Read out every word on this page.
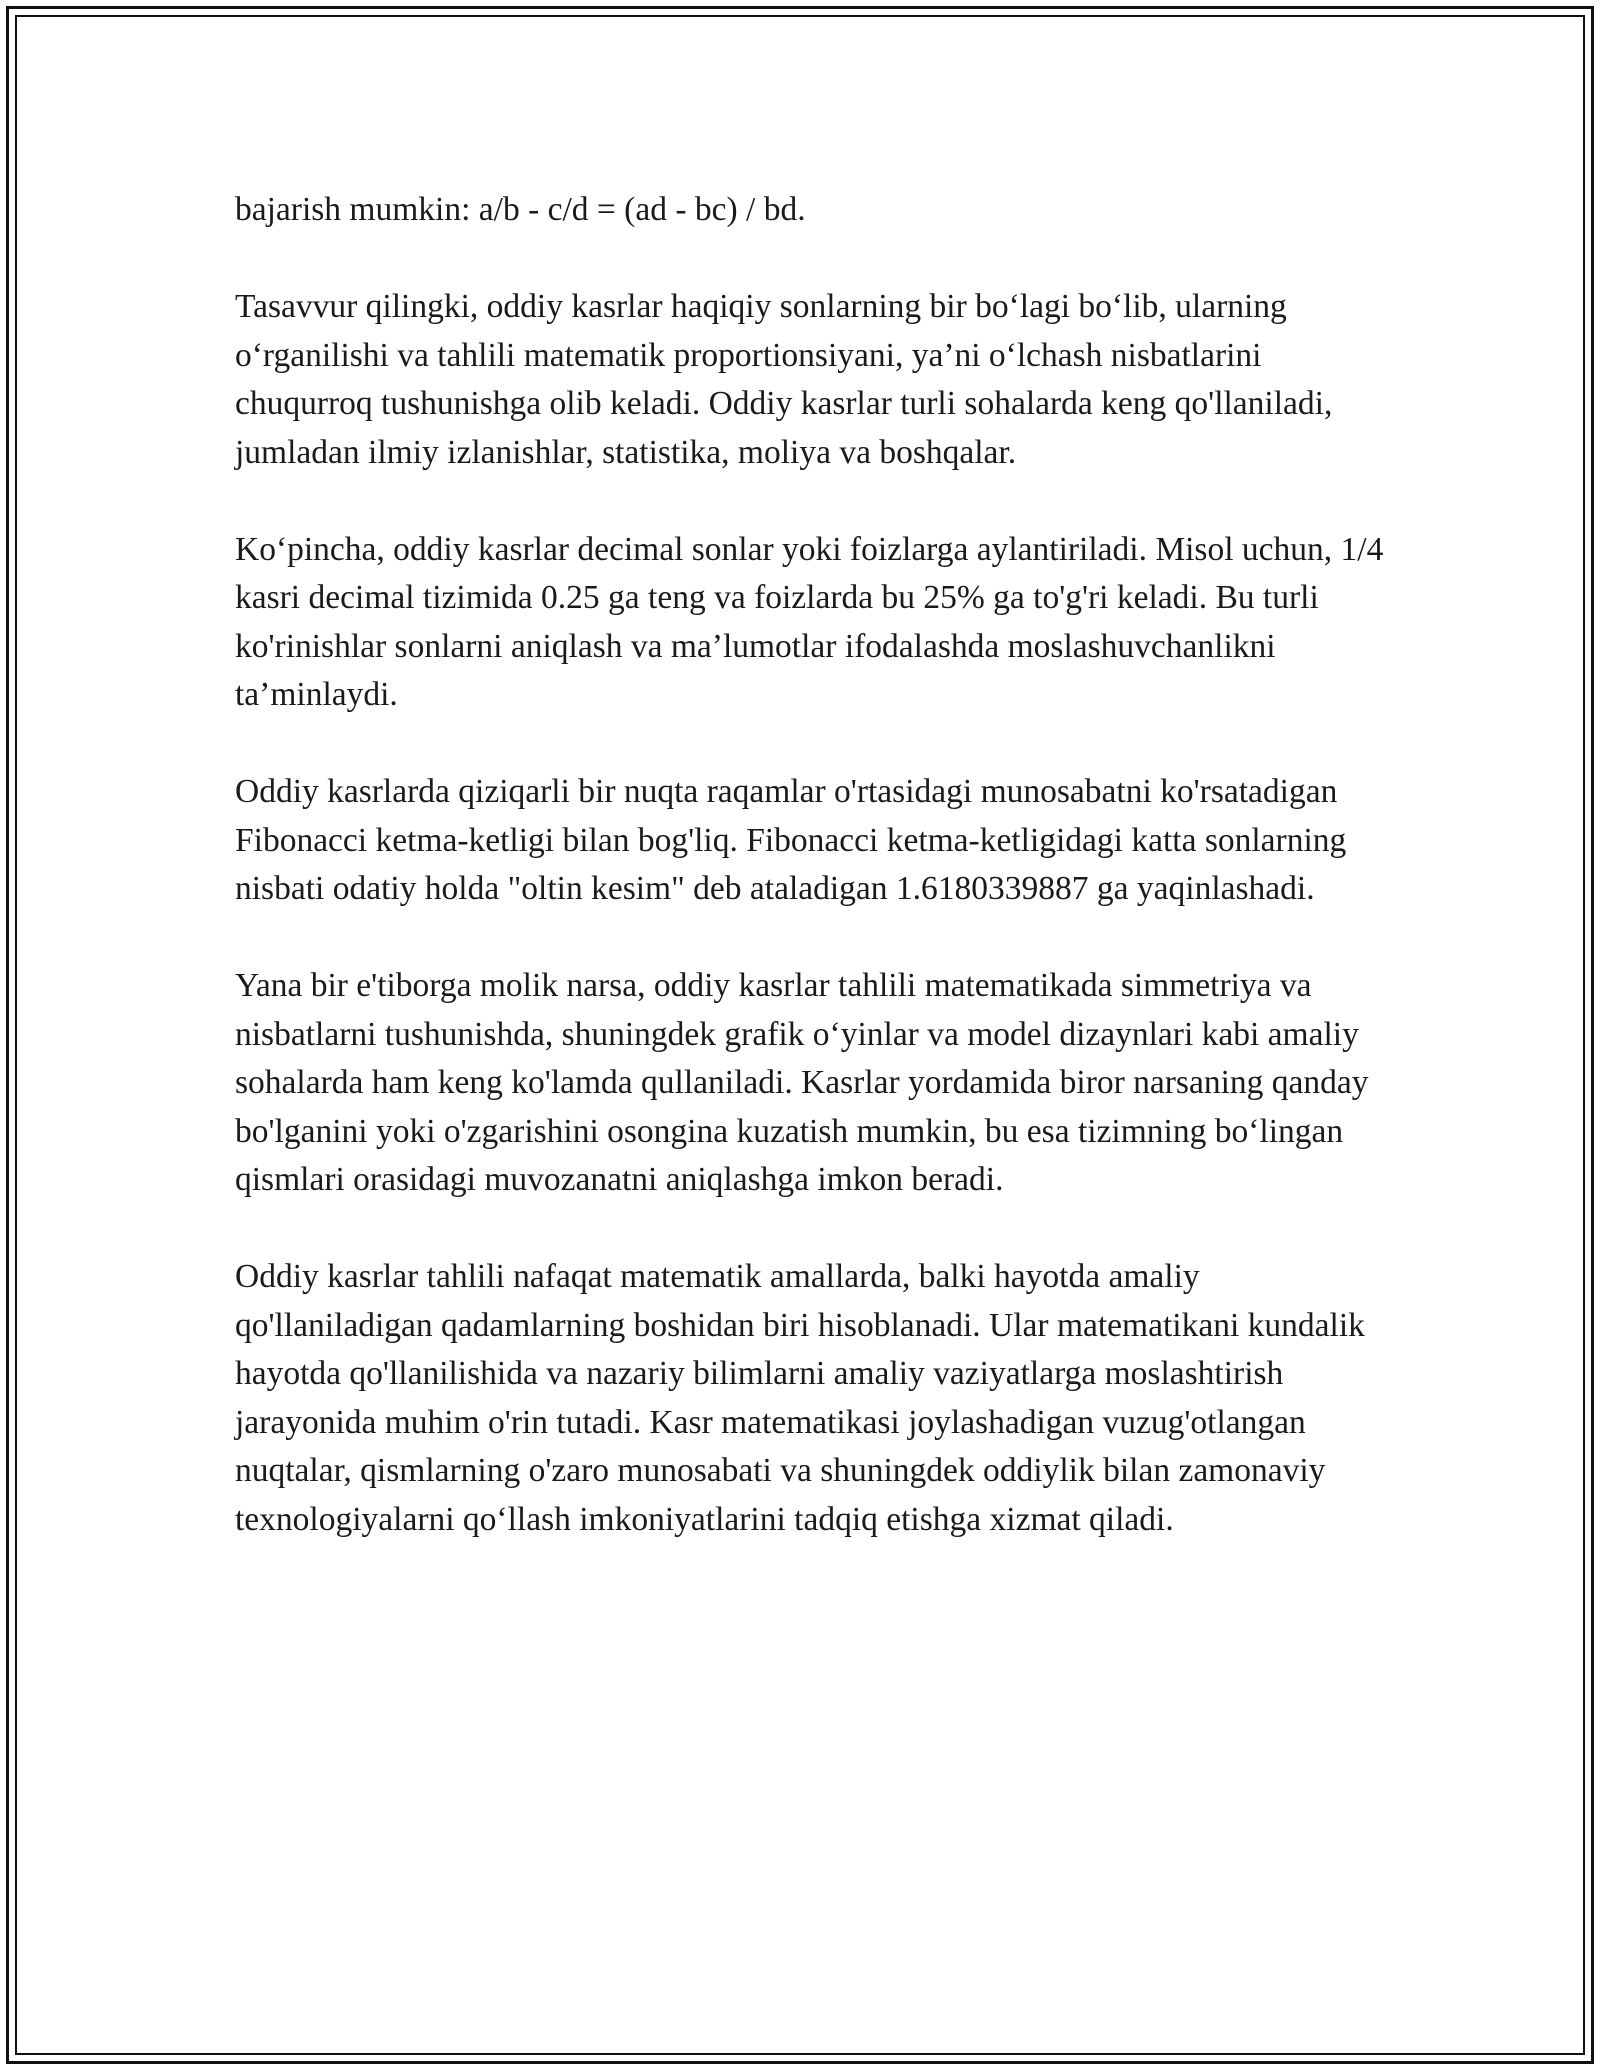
bajarish mumkin: a/b - c/d = (ad - bc) / bd.

Tasavvur qilingki, oddiy kasrlar haqiqiy sonlarning bir bo‘lagi bo‘lib, ularning o‘rganilishi va tahlili matematik proportionsiyani, ya’ni o‘lchash nisbatlarini chuqurroq tushunishga olib keladi. Oddiy kasrlar turli sohalarda keng qo'llaniladi, jumladan ilmiy izlanishlar, statistika, moliya va boshqalar.

Ko‘pincha, oddiy kasrlar decimal sonlar yoki foizlarga aylantiriladi. Misol uchun, 1/4 kasri decimal tizimida 0.25 ga teng va foizlarda bu 25% ga to'g'ri keladi. Bu turli ko'rinishlar sonlarni aniqlash va ma’lumotlar ifodalashda moslashuvchanlikni ta’minlaydi.

Oddiy kasrlarda qiziqarli bir nuqta raqamlar o'rtasidagi munosabatni ko'rsatadigan Fibonacci ketma-ketligi bilan bog'liq. Fibonacci ketma-ketligidagi katta sonlarning nisbati odatiy holda "oltin kesim" deb ataladigan 1.6180339887 ga yaqinlashadi.

Yana bir e'tiborga molik narsa, oddiy kasrlar tahlili matematikada simmetriya va nisbatlarni tushunishda, shuningdek grafik o‘yinlar va model dizaynlari kabi amaliy sohalarda ham keng ko'lamda qullaniladi. Kasrlar yordamida biror narsaning qanday bo'lganini yoki o'zgarishini osongina kuzatish mumkin, bu esa tizimning bo‘lingan qismlari orasidagi muvozanatni aniqlashga imkon beradi.

Oddiy kasrlar tahlili nafaqat matematik amallarda, balki hayotda amaliy qo'llaniladigan qadamlarning boshidan biri hisoblanadi. Ular matematikani kundalik hayotda qo'llanilishida va nazariy bilimlarni amaliy vaziyatlarga moslashtirish jarayonida muhim o'rin tutadi. Kasr matematikasi joylashadigan vuzug'otlangan nuqtalar, qismlarning o'zaro munosabati va shuningdek oddiylik bilan zamonaviy texnologiyalarni qo‘llash imkoniyatlarini tadqiq etishga xizmat qiladi.
